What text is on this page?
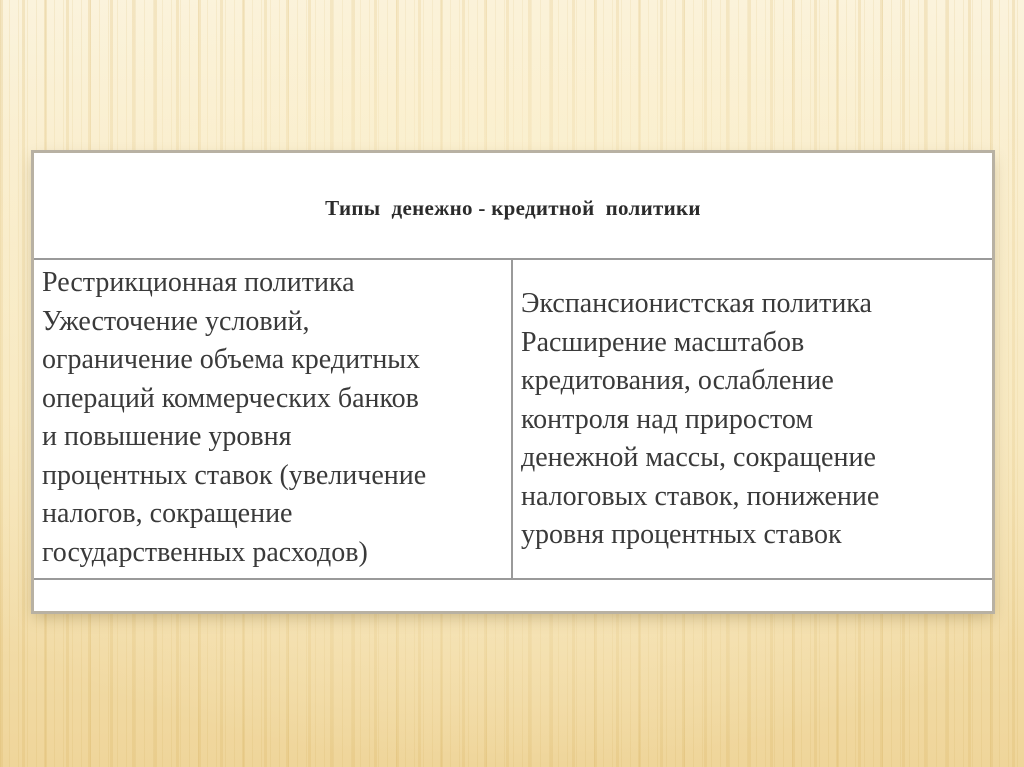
Типы  денежно - кредитной  политики
Рестрикционная политика
Ужесточение условий,
ограничение объема кредитных
операций коммерческих банков
и повышение уровня
процентных ставок (увеличение
налогов, сокращение
государственных расходов)
Экспансионистская политика
Расширение масштабов
кредитования, ослабление
контроля над приростом
денежной массы, сокращение
налоговых ставок, понижение
уровня процентных ставок
